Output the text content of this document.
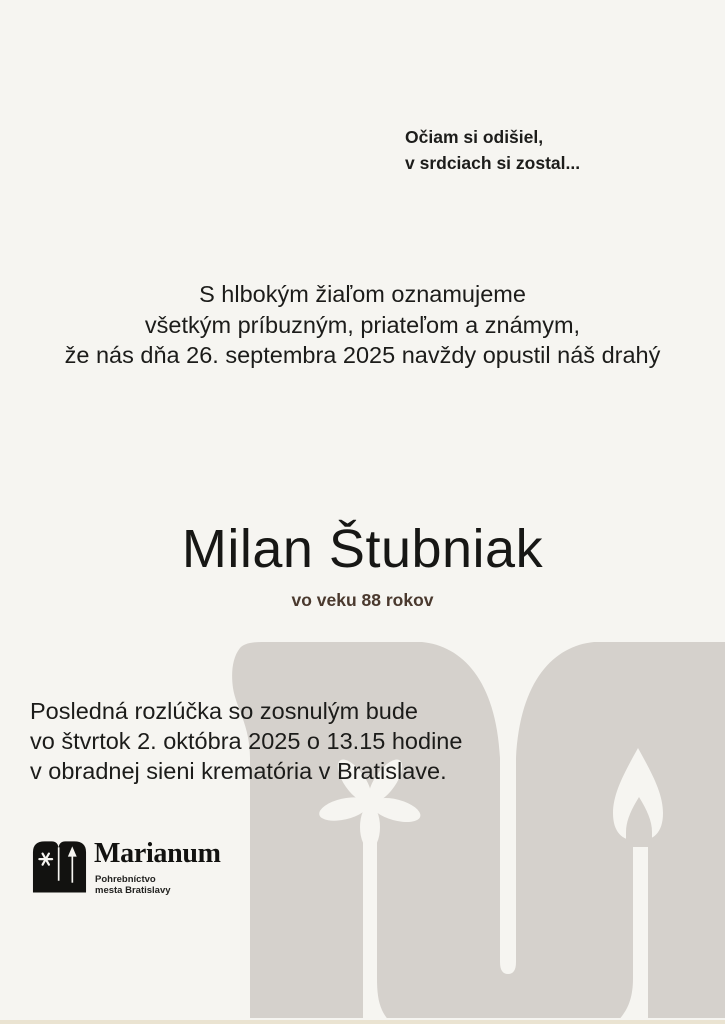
Očiam si odišiel,
v srdciach si zostal...
S hlbokým žiaľom oznamujeme
všetkým príbuzným, priateľom a známym,
že nás dňa 26. septembra 2025 navždy opustil náš drahý
Milan Štubniak
vo veku 88 rokov
Posledná rozlúčka so zosnulým bude
vo štvrtok 2. októbra 2025 o 13.15 hodine
v obradnej sieni krematória v Bratislave.
Marianum
Pohrebníctvo
mesta Bratislavy
